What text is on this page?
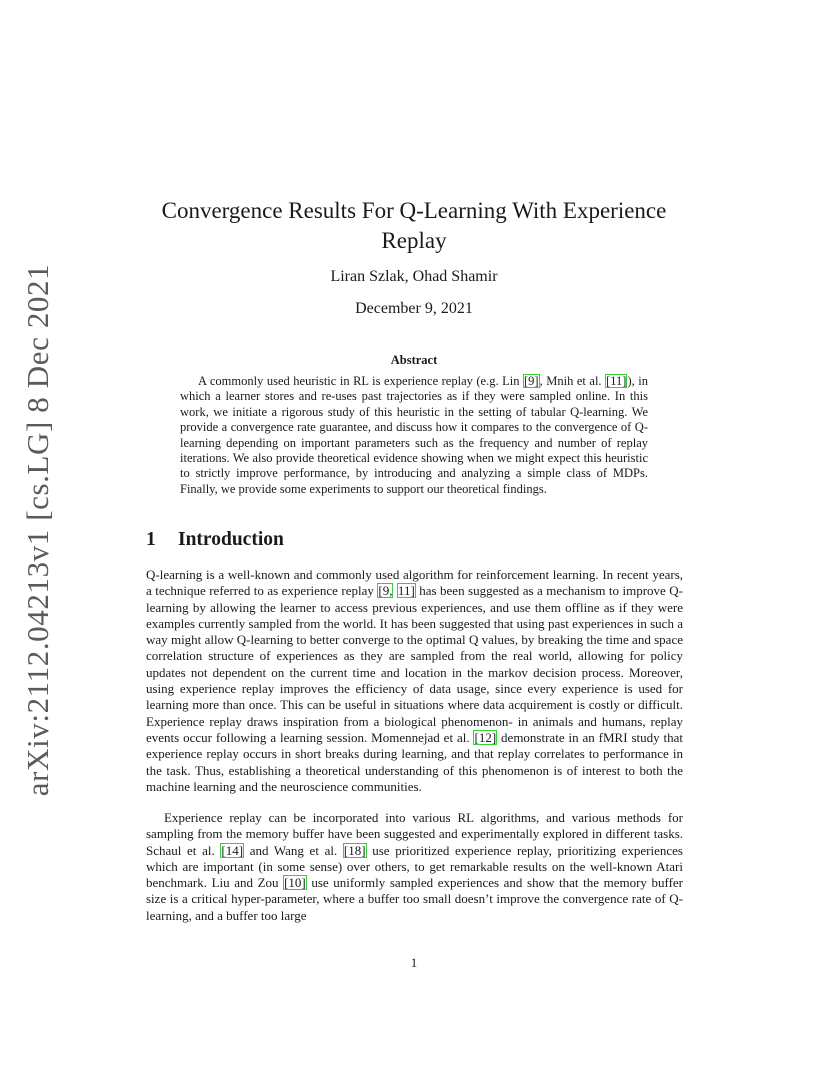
arXiv:2112.04213v1 [cs.LG] 8 Dec 2021
Convergence Results For Q-Learning With Experience Replay
Liran Szlak, Ohad Shamir
December 9, 2021
Abstract

A commonly used heuristic in RL is experience replay (e.g. Lin [9], Mnih et al. [11]), in which a learner stores and re-uses past trajectories as if they were sampled online. In this work, we initiate a rigorous study of this heuristic in the setting of tabular Q-learning. We provide a convergence rate guarantee, and discuss how it compares to the convergence of Q-learning depending on important parameters such as the frequency and number of replay iterations. We also provide theoretical evidence showing when we might expect this heuristic to strictly improve performance, by introducing and analyzing a simple class of MDPs. Finally, we provide some experiments to support our theoretical findings.

1 Introduction

Q-learning is a well-known and commonly used algorithm for reinforcement learning. In recent years, a technique referred to as experience replay [9, 11] has been suggested as a mechanism to improve Q-learning by allowing the learner to access previous experiences, and use them offline as if they were examples currently sampled from the world. It has been suggested that using past experiences in such a way might allow Q-learning to better converge to the optimal Q values, by breaking the time and space correlation structure of experiences as they are sampled from the real world, allowing for policy updates not dependent on the current time and location in the markov decision process. Moreover, using experience replay improves the efficiency of data usage, since every experience is used for learning more than once. This can be useful in situations where data acquirement is costly or difficult. Experience replay draws inspiration from a biological phenomenon- in animals and humans, replay events occur following a learning session. Momennejad et al. [12] demonstrate in an fMRI study that experience replay occurs in short breaks during learning, and that replay correlates to performance in the task. Thus, establishing a theoretical understanding of this phenomenon is of interest to both the machine learning and the neuroscience communities.

Experience replay can be incorporated into various RL algorithms, and various methods for sampling from the memory buffer have been suggested and experimentally explored in different tasks. Schaul et al. [14] and Wang et al. [18] use prioritized experience replay, prioritizing experiences which are important (in some sense) over others, to get remarkable results on the well-known Atari benchmark. Liu and Zou [10] use uniformly sampled experiences and show that the memory buffer size is a critical hyper-parameter, where a buffer too small doesn’t improve the convergence rate of Q-learning, and a buffer too large

1
